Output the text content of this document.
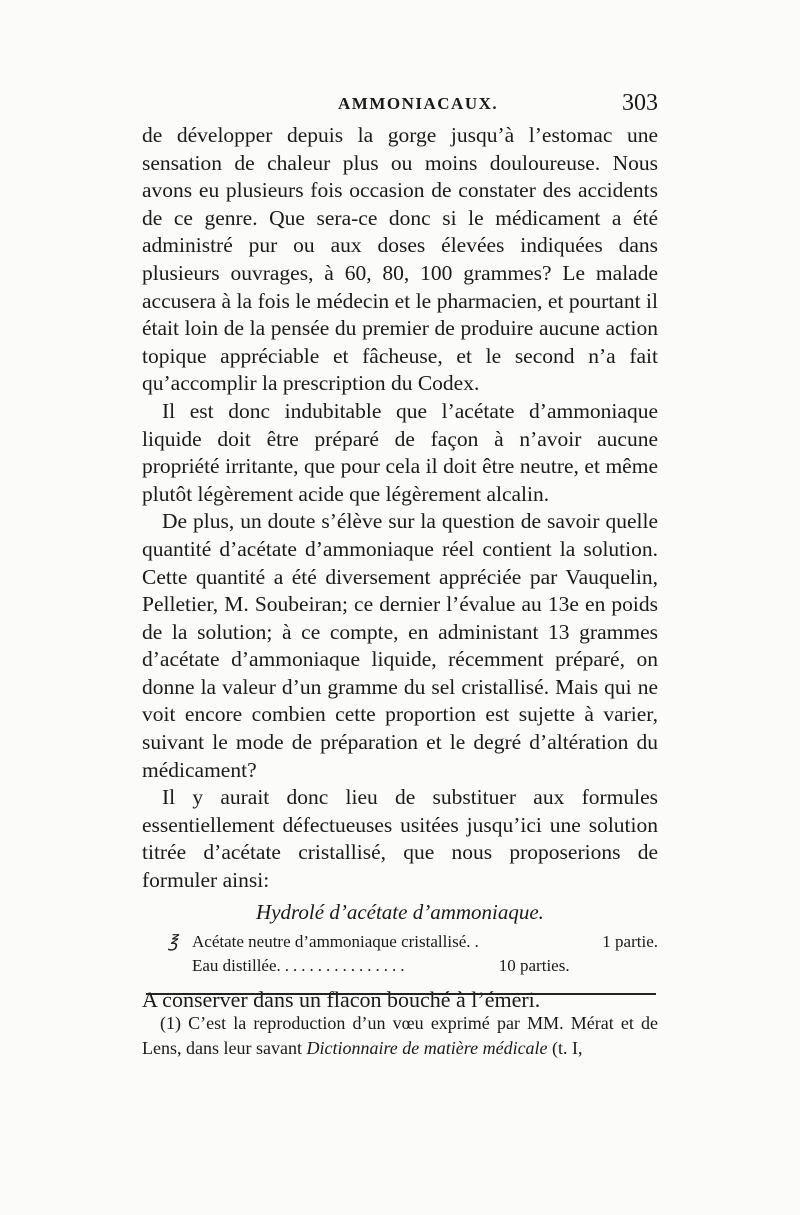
AMMONIACAUX.	303

de développer depuis la gorge jusqu’à l’estomac une sensation de chaleur plus ou moins douloureuse. Nous avons eu plusieurs fois occasion de constater des accidents de ce genre. Que sera-ce donc si le médicament a été administré pur ou aux doses élevées indiquées dans plusieurs ouvrages, à 60, 80, 100 grammes? Le malade accusera à la fois le médecin et le pharmacien, et pourtant il était loin de la pensée du premier de produire aucune action topique appréciable et fâcheuse, et le second n’a fait qu’accomplir la prescription du Codex.

Il est donc indubitable que l’acétate d’ammoniaque liquide doit être préparé de façon à n’avoir aucune propriété irritante, que pour cela il doit être neutre, et même plutôt légèrement acide que légèrement alcalin.

De plus, un doute s’élève sur la question de savoir quelle quantité d’acétate d’ammoniaque réel contient la solution. Cette quantité a été diversement appréciée par Vauquelin, Pelletier, M. Soubeiran; ce dernier l’évalue au 13e en poids de la solution; à ce compte, en administant 13 grammes d’acétate d’ammoniaque liquide, récemment préparé, on donne la valeur d’un gramme du sel cristallisé. Mais qui ne voit encore combien cette proportion est sujette à varier, suivant le mode de préparation et le degré d’altération du médicament?

Il y aurait donc lieu de substituer aux formules essentiellement défectueuses usitées jusqu’ici une solution titrée d’acétate cristallisé, que nous proposerions de formuler ainsi:

Hydrolé d’acétate d’ammoniaque.

℥ Acétate neutre d’ammoniaque cristallisé. .	1 partie.
Eau distillée. ...............	10 parties.

A conserver dans un flacon bouché à l’émeri.

(1) C’est la reproduction d’un vœu exprimé par MM. Mérat et de Lens, dans leur savant Dictionnaire de matière médicale (t. I,
